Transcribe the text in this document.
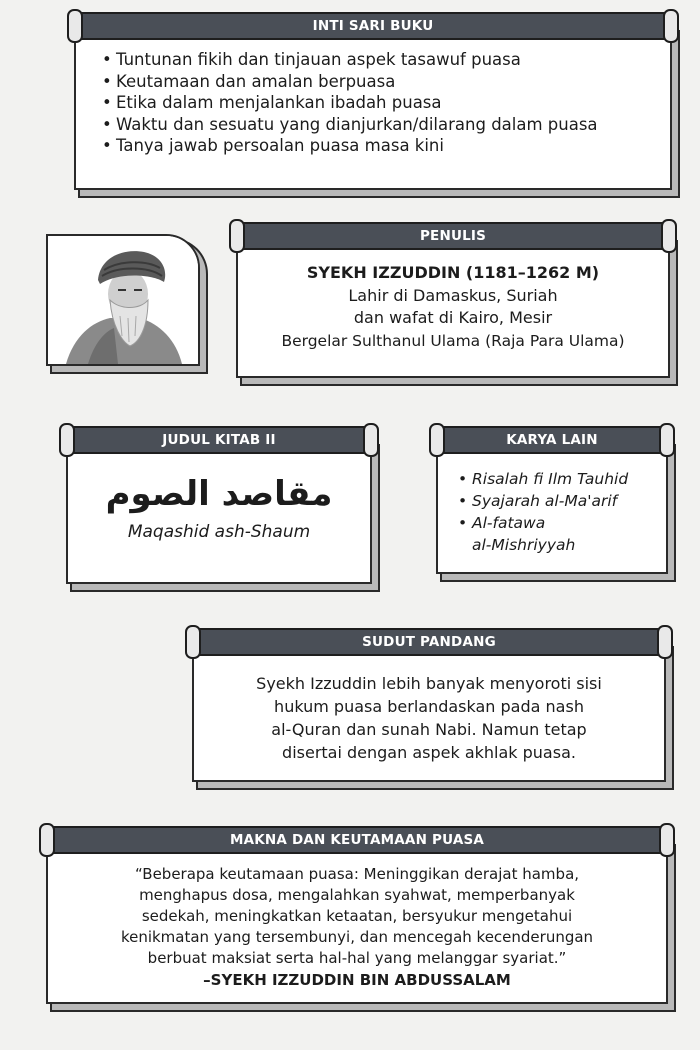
INTI SARI BUKU
• Tuntunan fikih dan tinjauan aspek tasawuf puasa
• Keutamaan dan amalan berpuasa
• Etika dalam menjalankan ibadah puasa
• Waktu dan sesuatu yang dianjurkan/dilarang dalam puasa
• Tanya jawab persoalan puasa masa kini
PENULIS
SYEKH IZZUDDIN (1181–1262 M)
Lahir di Damaskus, Suriah
dan wafat di Kairo, Mesir
Bergelar Sulthanul Ulama (Raja Para Ulama)
JUDUL KITAB II
مقاصد الصوم
Maqashid ash-Shaum
KARYA LAIN
• Risalah fi Ilm Tauhid
• Syajarah al-Ma'arif
• Al-fatawa
al-Mishriyyah
SUDUT PANDANG
Syekh Izzuddin lebih banyak menyoroti sisi
hukum puasa berlandaskan pada nash
al-Quran dan sunah Nabi. Namun tetap
disertai dengan aspek akhlak puasa.
MAKNA DAN KEUTAMAAN PUASA
“Beberapa keutamaan puasa: Meninggikan derajat hamba,
menghapus dosa, mengalahkan syahwat, memperbanyak
sedekah, meningkatkan ketaatan, bersyukur mengetahui
kenikmatan yang tersembunyi, dan mencegah kecenderungan
berbuat maksiat serta hal-hal yang melanggar syariat.”
–SYEKH IZZUDDIN BIN ABDUSSALAM
